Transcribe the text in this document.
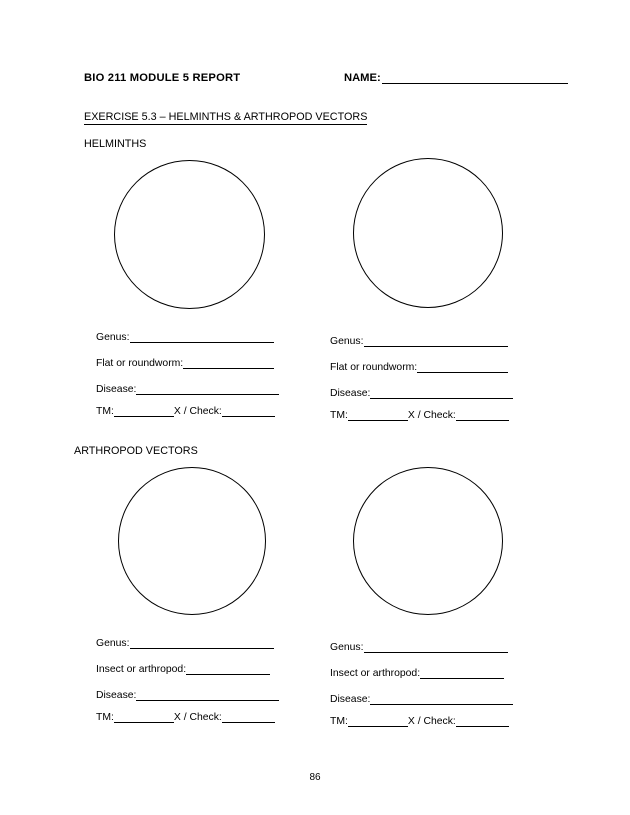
BIO 211 MODULE 5 REPORT	NAME:
EXERCISE 5.3 – HELMINTHS & ARTHROPOD VECTORS
HELMINTHS
Genus:
Flat or roundworm:
Disease:
TM:	X / Check:
Genus:
Flat or roundworm:
Disease:
TM:	X / Check:
ARTHROPOD VECTORS
Genus:
Insect or arthropod:
Disease:
TM:	X / Check:
Genus:
Insect or arthropod:
Disease:
TM:	X / Check:
86
